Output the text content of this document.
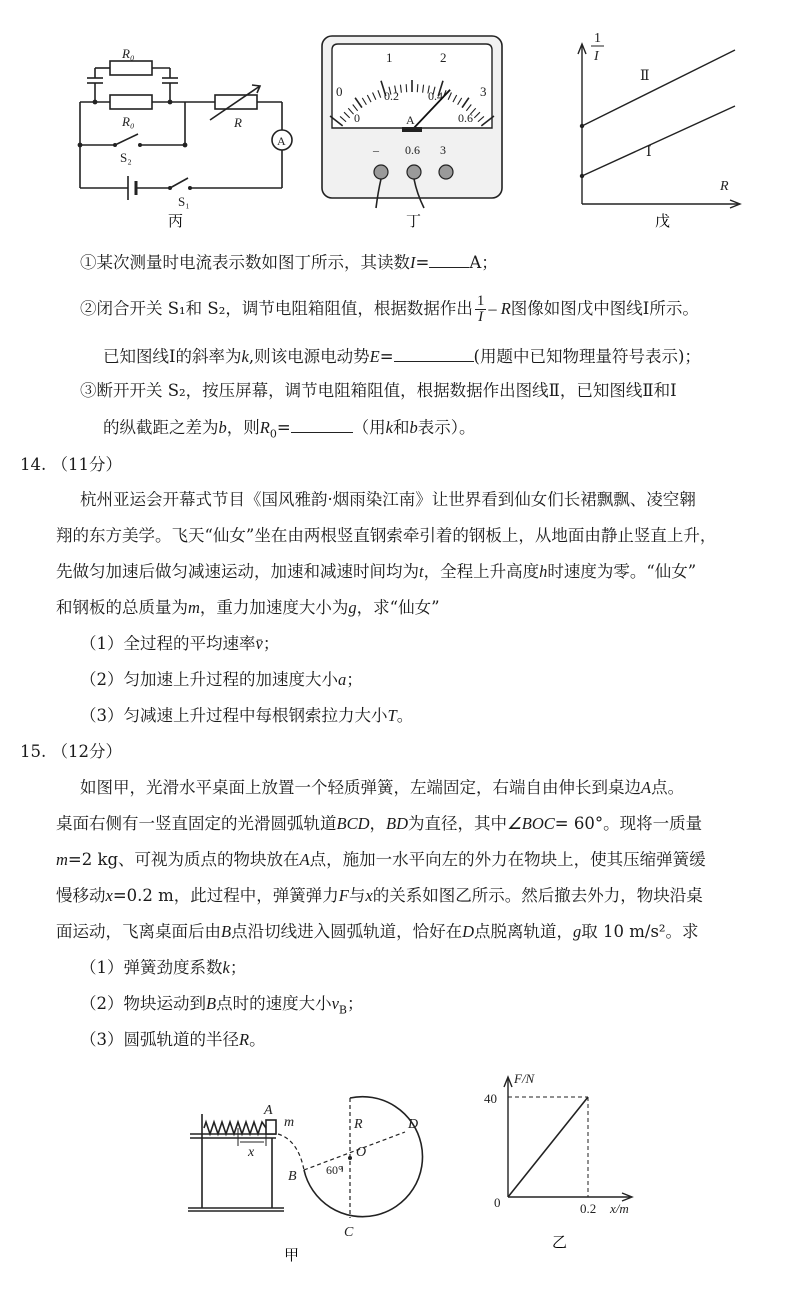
R₀
R₀	R
A
S₂
S₁
丙
0
1	2
3
0
0.2 0.4
0.6
A
– 0.6 3
丁
1
I
R
Ⅱ
Ⅰ
戊
①某次测量时电流表示数如图丁所示，其读数I= A；
②闭合开关 S₁和 S₂，调节电阻箱阻值，根据数据作出 $\frac{1}{I}$ – R图像如图戊中图线Ⅰ所示。
已知图线Ⅰ的斜率为k,则该电源电动势E=	(用题中已知物理量符号表示)；
③断开开关 S₂，按压屏幕，调节电阻箱阻值，根据数据作出图线Ⅱ，已知图线Ⅱ和Ⅰ
的纵截距之差为b，则$R_0=$	（用k和b表示）。
14. （11分）
杭州亚运会开幕式节目《国风雅韵·烟雨染江南》让世界看到仙女们长裙飘飘、凌空翱
翔的东方美学。飞天“仙女”坐在由两根竖直钢索牵引着的钢板上，从地面由静止竖直上升，
先做匀加速后做匀减速运动，加速和减速时间均为t，全程上升高度h时速度为零。“仙女”
和钢板的总质量为m，重力加速度大小为g，求“仙女”
（1）全过程的平均速率v̄；
（2）匀加速上升过程的加速度大小a；
（3）匀减速上升过程中每根钢索拉力大小T。
15. （12分）
如图甲，光滑水平桌面上放置一个轻质弹簧，左端固定，右端自由伸长到桌边A点。
桌面右侧有一竖直固定的光滑圆弧轨道BCD，BD为直径，其中∠BOC= 60°。现将一质量
m=2 kg、可视为质点的物块放在A点，施加一水平向左的外力在物块上，使其压缩弹簧缓
慢移动x=0.2 m，此过程中，弹簧弹力F与x的关系如图乙所示。然后撤去外力，物块沿桌
面运动，飞离桌面后由B点沿切线进入圆弧轨道，恰好在D点脱离轨道，g取 10 m/s²。求
（1）弹簧劲度系数k；
（2）物块运动到B点时的速度大小$v_B$；
（3）圆弧轨道的半径R。
A
m
x
R	D
O
B
C
60°
甲
F/N
x/m
40
0.2
0
乙
